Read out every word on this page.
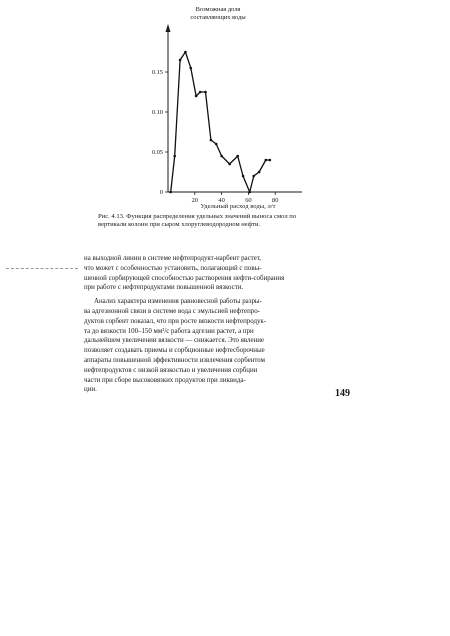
Возможная доля
составляющих воды
0
0.05
0.10
0.15
20	40	60	80
Удельный расход воды, л/т
Рис. 4.13. Функция распределения удельных значений выноса смол по
вертикали колонн при сыром хлоруглеводородном нефти.
на выходной линии в системе нефтепродукт-нарбент растет,
что может с особенностью установить, полагающий с повы-
шенной сорбирующей способностью растворения нефти-собирания
при работе с нефтепродуктами повышенной вязкости.
Анализ характера изменения равновесной работы разры-
ва адгезионной связи в системе вода с эмульсией нефтепро-
дуктов сорбент показал, что при росте вязкости нефтепродук-
та до вязкости 100–150 мм²/с работа адгезии растет, а при
дальнейшем увеличении вязкости — снижается. Это явление
позволяет создавать приемы и сорбционные нефтесборочные
аппараты повышенной эффективности извлечения сорбентом
нефтепродуктов с низкой вязкостью и увеличения сорбции
части при сборе высоковязких продуктов при ликвида-
ции.	149
